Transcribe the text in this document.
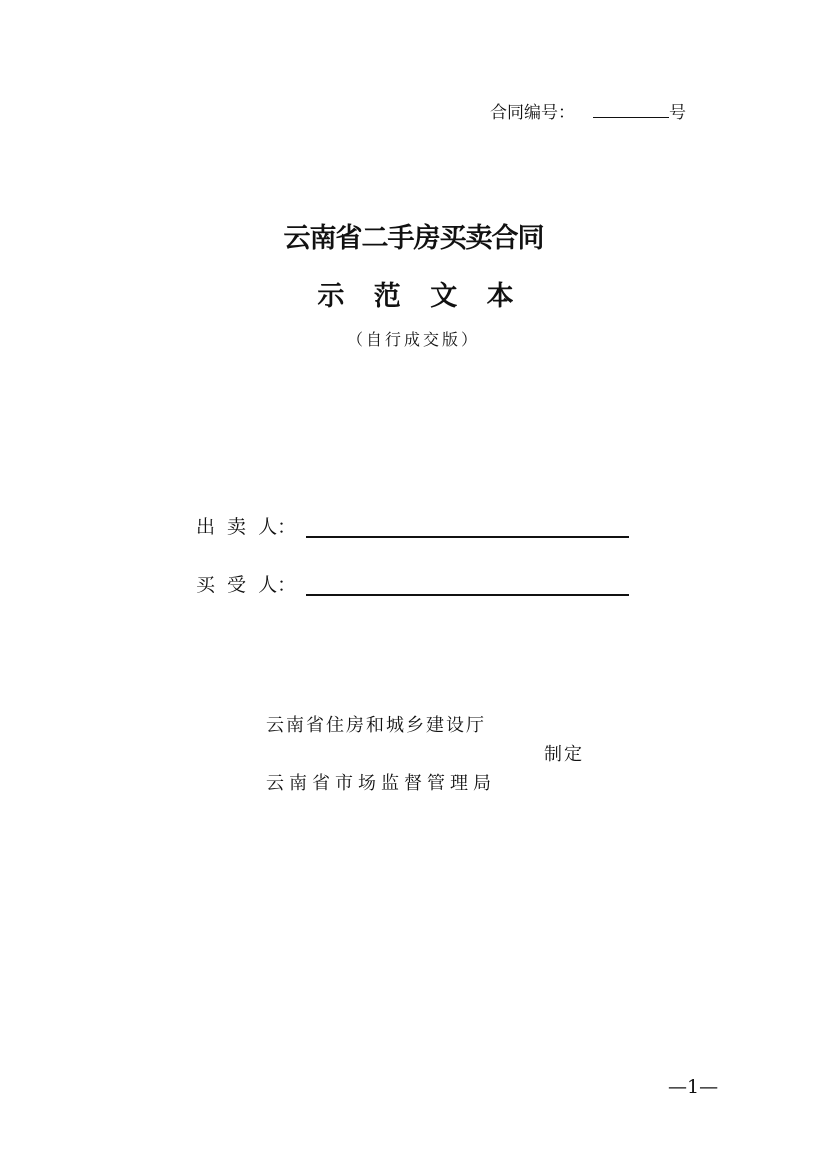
合同编号：	号
云南省二手房买卖合同
示 范 文 本
（自行成交版）
出 卖 人：
买 受 人：
云南省住房和城乡建设厅
制定
云南省市场监督管理局
—1—
